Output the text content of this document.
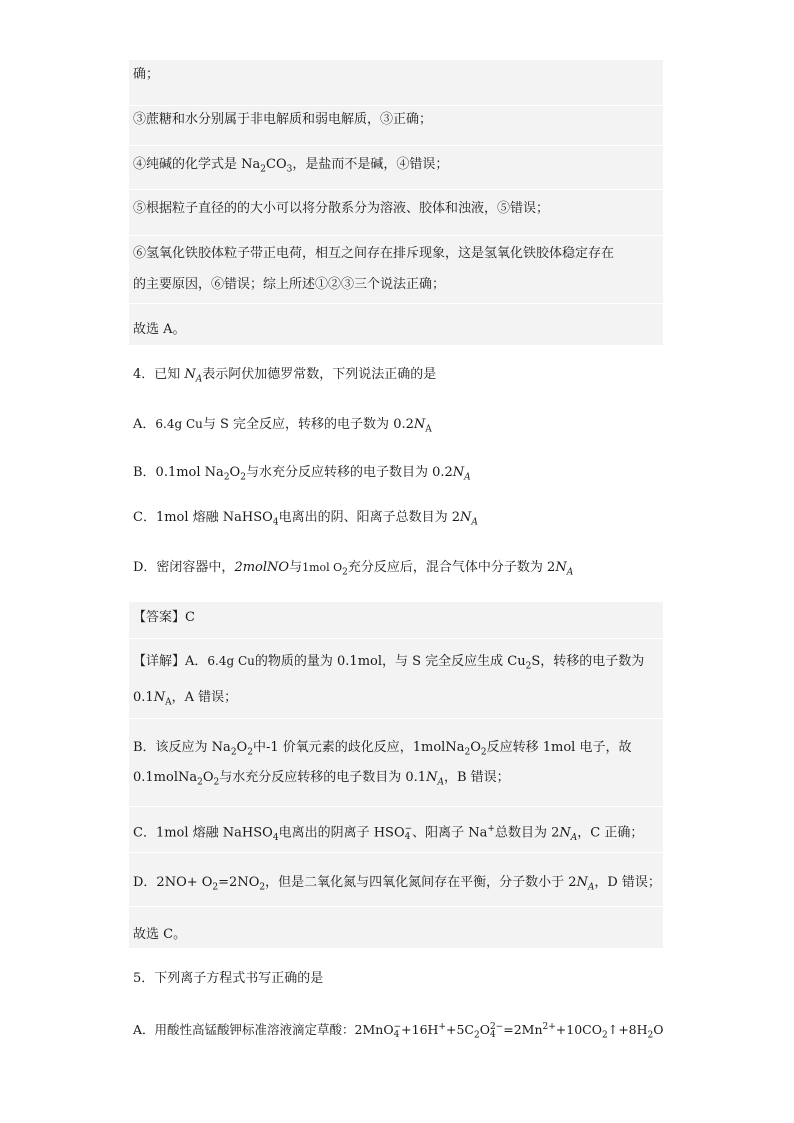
确；
③蔗糖和水分别属于非电解质和弱电解质，③正确；
④纯碱的化学式是 $Na_2CO_3$，是盐而不是碱，④错误；
⑤根据粒子直径的的大小可以将分散系分为溶液、胶体和浊液，⑤错误；
⑥氢氧化铁胶体粒子带正电荷，相互之间存在排斥现象，这是氢氧化铁胶体稳定存在
的主要原因，⑥错误；综上所述①②③三个说法正确；
故选 A。
4．已知 $N_A$表示阿伏加德罗常数，下列说法正确的是
A．6.4g Cu与 S 完全反应，转移的电子数为 $0.2N_A$
B．0.1mol $Na_2O_2$与水充分反应转移的电子数目为 $0.2N_A$
C．1mol 熔融 NaHSO$_4$电离出的阴、阳离子总数目为 $2N_A$
D．密闭容器中，2molNO与1mol $O_2$充分反应后，混合气体中分子数为 $2N_A$
【答案】C
【详解】A．6.4g Cu的物质的量为 0.1mol，与 S 完全反应生成 $Cu_2S$，转移的电子数为
$0.1N_A$，A 错误；
B．该反应为 $Na_2O_2$中-1 价氧元素的歧化反应，$1molNa_2O_2$反应转移 1mol 电子，故
$0.1molNa_2O_2$与水充分反应转移的电子数目为 $0.1N_A$，B 错误；
C．1mol 熔融 NaHSO$_4$电离出的阴离子 HSO −
4 、阳离子 Na+总数目为 $2N_A$，C 正确；
D．$2NO+ O_2=2NO_2$，但是二氧化氮与四氧化氮间存在平衡，分子数小于 $2N_A$，D 错误；
故选 C。
5．下列离子方程式书写正确的是
A．用酸性高锰酸钾标准溶液滴定草酸：2MnO −
$4 +16H^++5C_2O$ 2−
$4 =2Mn^{2+}+10CO_2↑+8H_2O$
